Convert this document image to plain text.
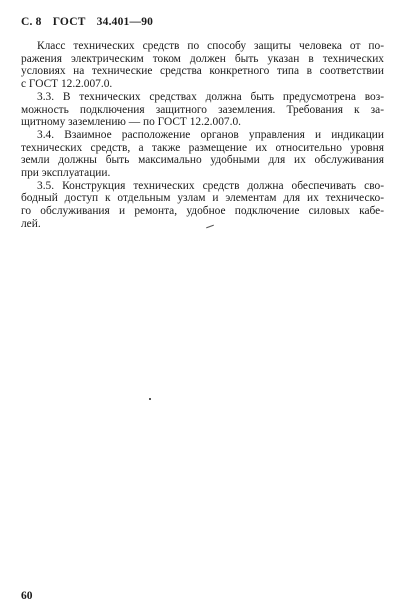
С. 8 ГОСТ 34.401—90
Класс технических средств по способу защиты человека от по-
ражения электрическим током должен быть указан в технических
условиях на технические средства конкретного типа в соответствии
с ГОСТ 12.2.007.0.
3.3. В технических средствах должна быть предусмотрена воз-
можность подключения защитного заземления. Требования к за-
щитному заземлению — по ГОСТ 12.2.007.0.
3.4. Взаимное расположение органов управления и индикации
технических средств, а также размещение их относительно уровня
земли должны быть максимально удобными для их обслуживания
при эксплуатации.
3.5. Конструкция технических средств должна обеспечивать сво-
бодный доступ к отдельным узлам и элементам для их техническо-
го обслуживания и ремонта, удобное подключение силовых кабе-
лей.
60
